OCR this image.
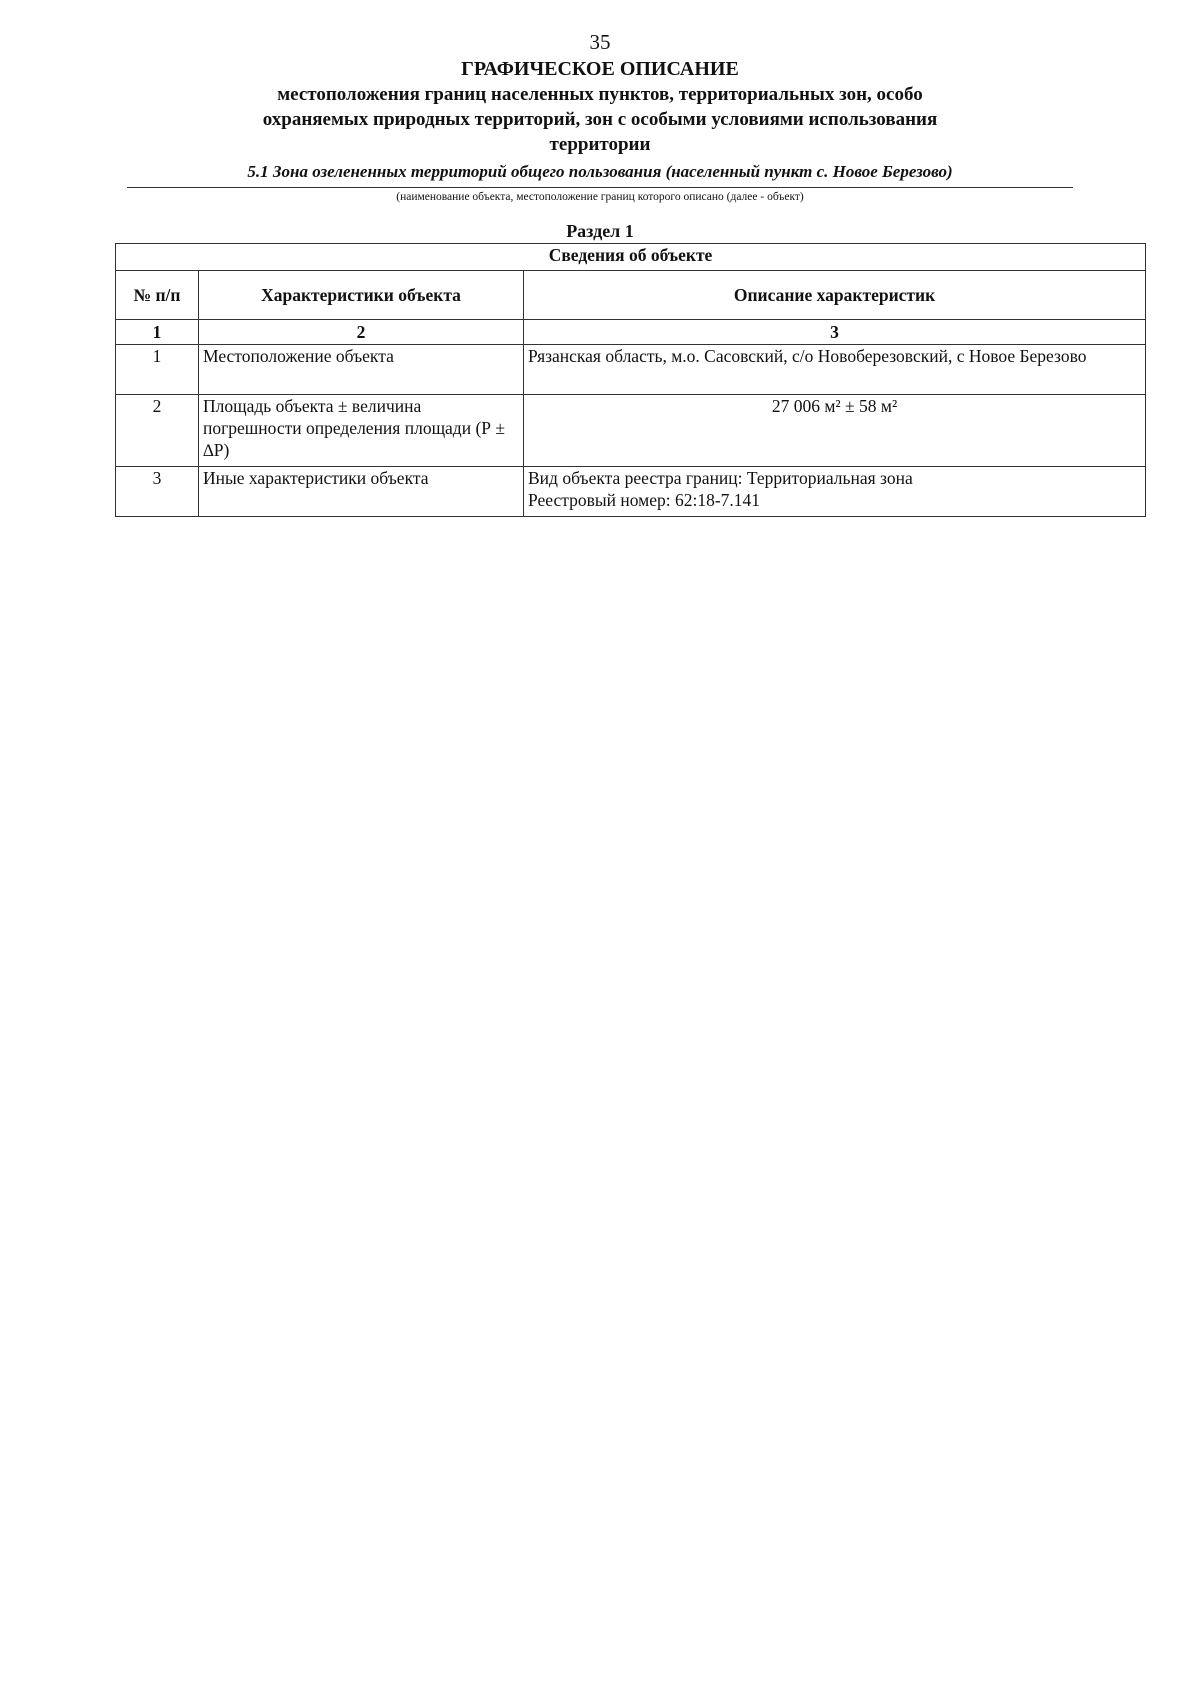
35
ГРАФИЧЕСКОЕ ОПИСАНИЕ
местоположения границ населенных пунктов, территориальных зон, особо охраняемых природных территорий, зон с особыми условиями использования территории
5.1 Зона озелененных территорий общего пользования (населенный пункт с. Новое Березово)
(наименование объекта, местоположение границ которого описано (далее - объект)
Раздел 1
Сведения об объекте		
№ п/п	Характеристики объекта	Описание характеристик
1	2	3
1	Местоположение объекта	Рязанская область, м.о. Сасовский, с/о Новоберезовский, с Новое Березово
2	Площадь объекта ± величина погрешности определения площади (Р ± ∆Р)	27 006 м² ± 58 м²
3	Иные характеристики объекта	Вид объекта реестра границ: Территориальная зона
Реестровый номер: 62:18-7.141
